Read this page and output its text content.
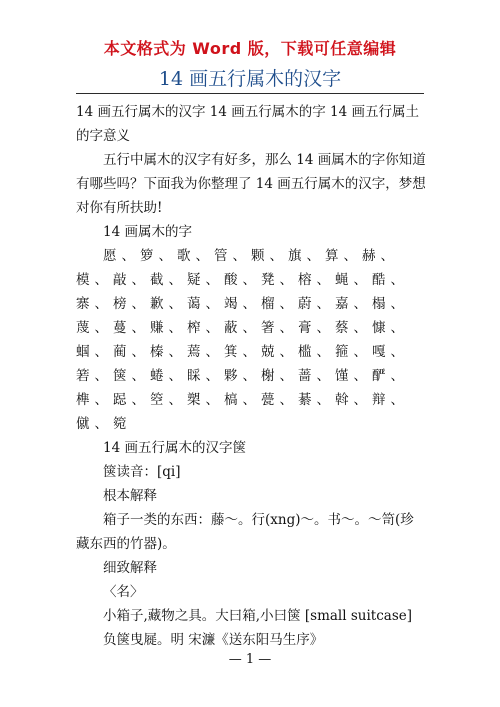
本文格式为 Word 版，下载可任意编辑
14 画五行属木的汉字

14 画五行属木的汉字 14 画五行属木的字 14 画五行属土的字意义

五行中属木的汉字有好多，那么 14 画属木的字你知道有哪些吗？下面我为你整理了 14 画五行属木的汉字，梦想对你有所扶助!

14 画属木的字

愿、箩、歌、管、颗、旗、算、赫、模、敲、截、疑、酸、凳、榕、蝇、酷、寨、榜、歉、蔼、竭、榴、蔚、嘉、榻、蔑、蔓、赚、榨、蔽、箸、膏、蔡、慷、蝈、蔺、榛、蔫、箕、兢、槛、箍、嘎、箬、箧、蜷、睬、夥、榭、蔷、馑、酽、榫、跽、箜、槊、槁、甍、綦、斡、辩、僦、箢

14 画五行属木的汉字箧

箧读音：[qi]

根本解释

箱子一类的东西：藤～。行(xng)～。书～。～笥(珍藏东西的竹器)。

细致解释

〈名〉

小箱子,藏物之具。大曰箱,小曰箧 [small suitcase]

负箧曳屣。明 宋濂《送东阳马生序》

— 1 —
